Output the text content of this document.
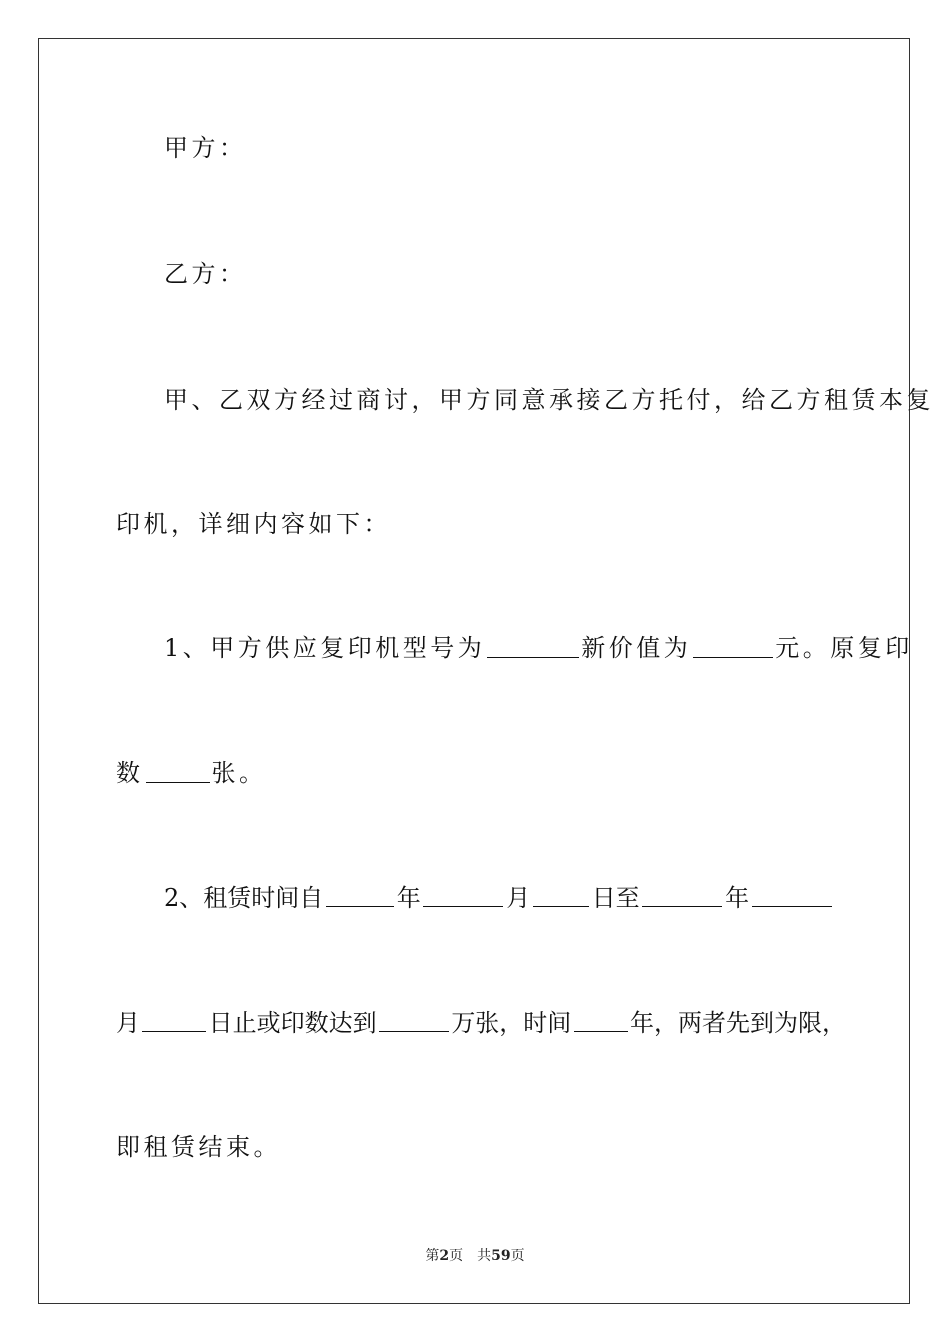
甲方：
乙方：
甲、乙双方经过商讨，甲方同意承接乙方托付，给乙方租赁本复
印机，详细内容如下：
1、甲方供应复印机型号为	新价值为	元。原复印
数	张。
2、租赁时间自	年	月	日至	年
月	日止或印数达到	万张，时间 年，两者先到为限，
即租赁结束。
第2页　共59页
